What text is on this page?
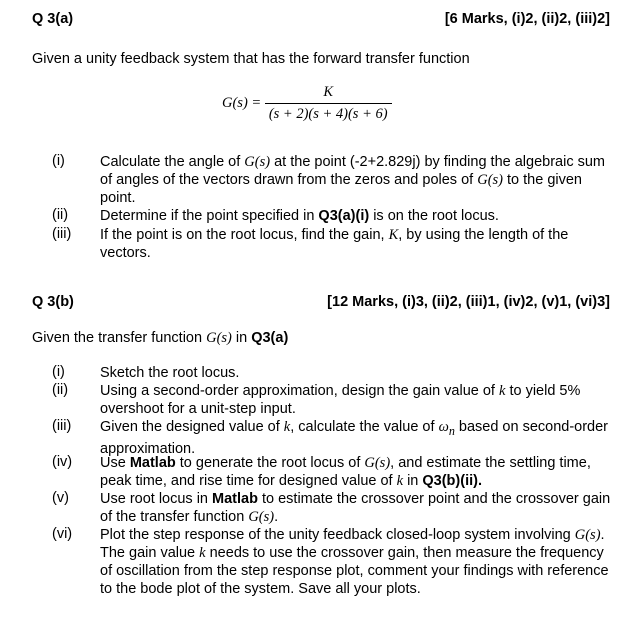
Q 3(a)	[6 Marks, (i)2, (ii)2, (iii)2]
Given a unity feedback system that has the forward transfer function
$G(s) = \frac{K}{(s + 2)(s + 4)(s + 6)}$
(i) Calculate the angle of G(s) at the point (-2+2.829j) by finding the algebraic sum of angles of the vectors drawn from the zeros and poles of G(s) to the given point.
(ii) Determine if the point specified in Q3(a)(i) is on the root locus.
(iii) If the point is on the root locus, find the gain, K, by using the length of the vectors.
Q 3(b)	[12 Marks, (i)3, (ii)2, (iii)1, (iv)2, (v)1, (vi)3]
Given the transfer function G(s) in Q3(a)
(i) Sketch the root locus.
(ii) Using a second-order approximation, design the gain value of k to yield 5% overshoot for a unit-step input.
(iii) Given the designed value of k, calculate the value of $\omega_n$ based on second-order approximation.
(iv) Use Matlab to generate the root locus of G(s), and estimate the settling time, peak time, and rise time for designed value of k in Q3(b)(ii).
(v) Use root locus in Matlab to estimate the crossover point and the crossover gain of the transfer function G(s).
(vi) Plot the step response of the unity feedback closed-loop system involving G(s). The gain value k needs to use the crossover gain, then measure the frequency of oscillation from the step response plot, comment your findings with reference to the bode plot of the system. Save all your plots.
